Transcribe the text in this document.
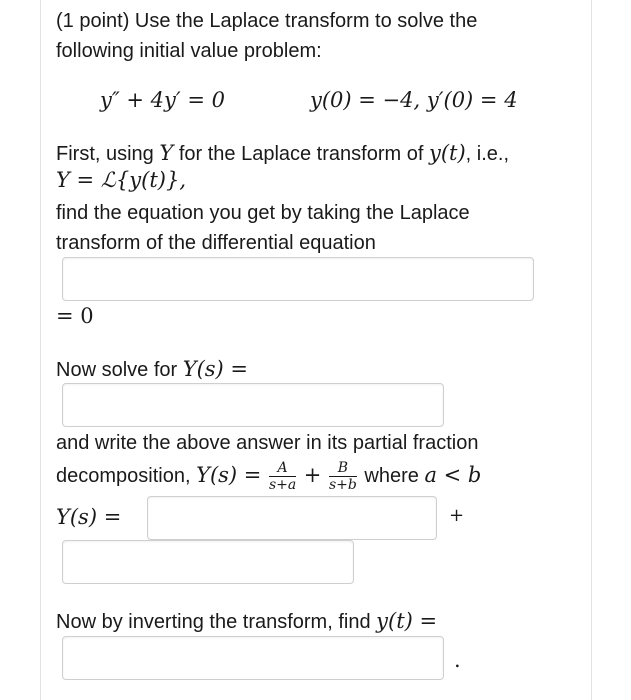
(1 point) Use the Laplace transform to solve the
following initial value problem:
y″ + 4y′ = 0	y(0) = −4, y′(0) = 4
First, using Y for the Laplace transform of y(t), i.e.,
Y = ℒ{y(t)},
find the equation you get by taking the Laplace
transform of the differential equation
= 0
Now solve for Y(s) =
and write the above answer in its partial fraction
decomposition, $Y(s) = \frac{A}{s+a} + \frac{B}{s+b}$ where a < b
Y(s) =	+
Now by inverting the transform, find y(t) =
.
